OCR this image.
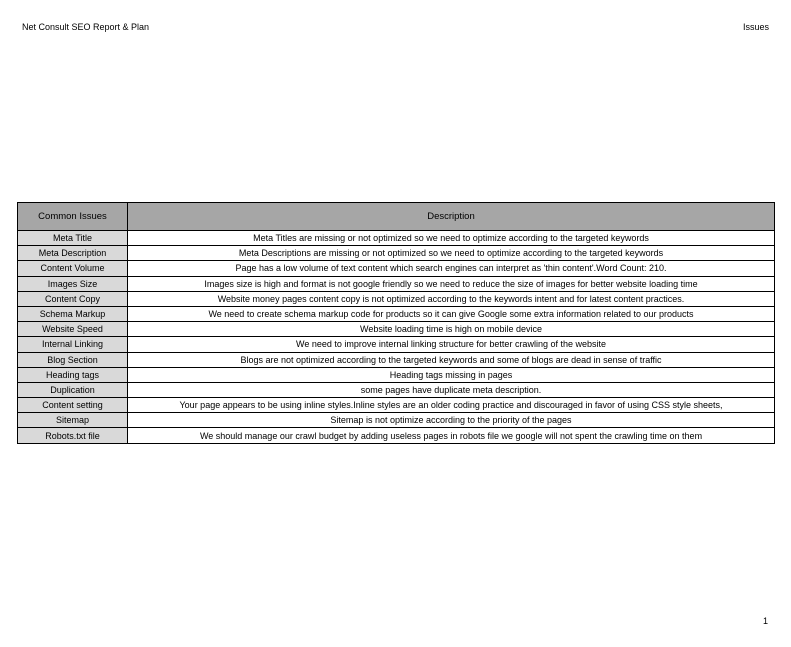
Net Consult SEO Report & Plan	Issues
Common Issues	Description
Meta Title	Meta Titles are missing or not optimized so we need to optimize according to the targeted keywords
Meta Description	Meta Descriptions are missing or not optimized so we need to optimize according to the targeted keywords
Content Volume	Page has a low volume of text content which search engines can interpret as 'thin content'.Word Count: 210.
Images Size	Images size is high and format is not google friendly so we need to reduce the size of images for better website loading time
Content Copy	Website money pages content copy is not optimized according to the keywords intent and for latest content practices.
Schema Markup	We need to create schema markup code for products so it can give Google some extra information related to our products
Website Speed	Website loading time is high on mobile device
Internal Linking	We need to improve internal linking structure for better crawling of the website
Blog Section	Blogs are not optimized according to the targeted keywords and some of blogs are dead in sense of traffic
Heading tags	Heading tags missing in pages
Duplication	some pages have duplicate meta description.
Content setting	Your page appears to be using inline styles.Inline styles are an older coding practice and discouraged in favor of using CSS style sheets,
Sitemap	Sitemap is not optimize according to the priority of the pages
Robots.txt file	We should manage our crawl budget by adding useless pages in robots file we google will not spent the crawling time on them
1
